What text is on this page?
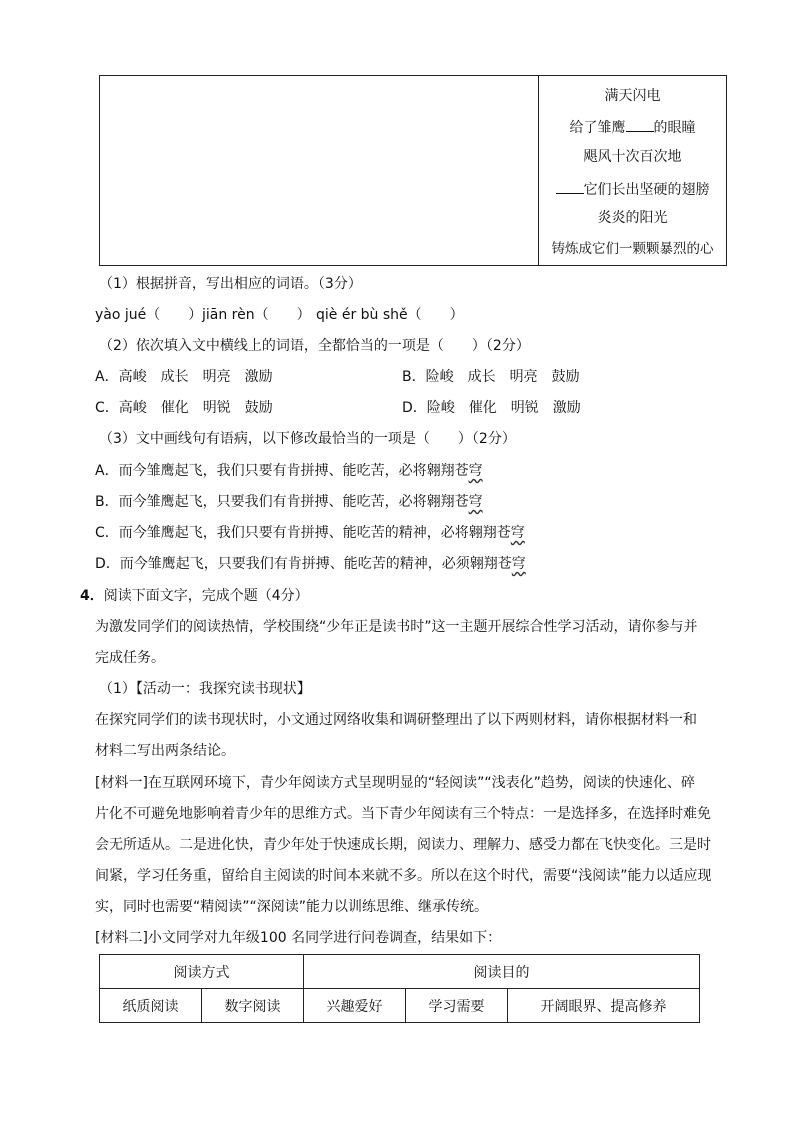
满天闪电
给了雏鹰 的眼瞳
飓风十次百次地
它们长出坚硬的翅膀
炎炎的阳光
铸炼成它们一颗颗暴烈的心
（1）根据拼音，写出相应的词语。（3分）
yào jué（　　） jiān rèn（　　） qiè ér bù shě（　　）
（2）依次填入文中横线上的词语，全都恰当的一项是（　　）（2分）
A．高峻　成长　明亮　激励	B．险峻　成长　明亮　鼓励
C．高峻　催化　明锐　鼓励	D．险峻　催化　明锐　激励
（3）文中画线句有语病，以下修改最恰当的一项是（　　）（2分）
A．而今雏鹰起飞，我们只要有肯拼搏、能吃苦，必将翱翔苍穹
B．而今雏鹰起飞，只要我们有肯拼搏、能吃苦，必将翱翔苍穹
C．而今雏鹰起飞，我们只要有肯拼搏、能吃苦的精神，必将翱翔苍穹
D．而今雏鹰起飞，只要我们有肯拼搏、能吃苦的精神，必须翱翔苍穹
4．阅读下面文字，完成个题（4分）
为激发同学们的阅读热情，学校围绕“少年正是读书时”这一主题开展综合性学习活动，请你参与并
完成任务。
（1）【活动一：我探究读书现状】
在探究同学们的读书现状时，小文通过网络收集和调研整理出了以下两则材料，请你根据材料一和
材料二写出两条结论。
[材料一]在互联网环境下，青少年阅读方式呈现明显的“轻阅读”“浅表化”趋势，阅读的快速化、碎
片化不可避免地影响着青少年的思维方式。当下青少年阅读有三个特点：一是选择多，在选择时难免
会无所适从。二是进化快，青少年处于快速成长期，阅读力、理解力、感受力都在飞快变化。三是时
间紧，学习任务重，留给自主阅读的时间本来就不多。所以在这个时代，需要“浅阅读”能力以适应现
实，同时也需要“精阅读”“深阅读”能力以训练思维、继承传统。
[材料二]小文同学对九年级100 名同学进行问卷调查，结果如下：
阅读方式		阅读目的		
纸质阅读	数字阅读	兴趣爱好	学习需要	开阔眼界、提高修养
